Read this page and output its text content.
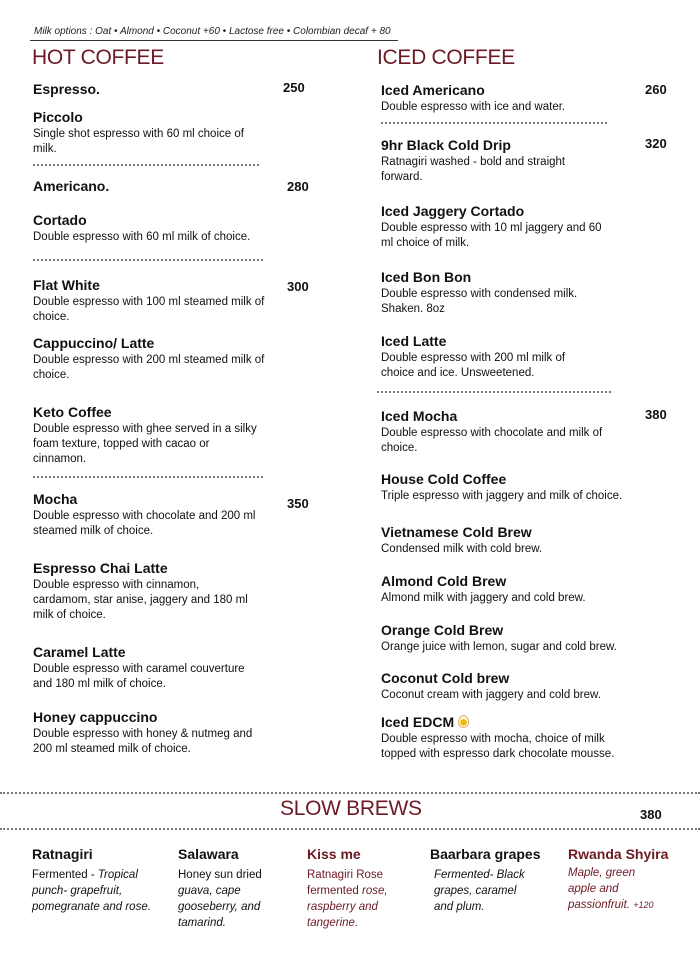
Milk options : Oat • Almond • Coconut +60 • Lactose free • Colombian decaf + 80
HOT COFFEE
Espresso.	250
Piccolo
Single shot espresso with 60 ml choice of milk.
Americano.	280
Cortado
Double espresso with 60 ml milk of choice.
Flat White
Double espresso with 100 ml steamed milk of choice.
300
Cappuccino/ Latte
Double espresso with 200 ml steamed milk of choice.
Keto Coffee
Double espresso with ghee served in a silky foam texture, topped with cacao or cinnamon.
Mocha
Double espresso with chocolate and 200 ml steamed milk of choice.
350
Espresso Chai Latte
Double espresso with cinnamon, cardamom, star anise, jaggery and 180 ml milk of choice.
Caramel Latte
Double espresso with caramel couverture and 180 ml milk of choice.
Honey cappuccino
Double espresso with honey & nutmeg and 200 ml steamed milk of choice.
ICED COFFEE
Iced Americano
Double espresso with ice and water.
260
9hr Black Cold Drip
Ratnagiri washed - bold and straight forward.
320
Iced Jaggery Cortado
Double espresso with 10 ml jaggery and 60 ml choice of milk.
Iced Bon Bon
Double espresso with condensed milk. Shaken. 8oz
Iced Latte
Double espresso with 200 ml milk of choice and ice. Unsweetened.
Iced Mocha
Double espresso with chocolate and milk of choice.
380
House Cold Coffee
Triple espresso with jaggery and milk of choice.
Vietnamese Cold Brew
Condensed milk with cold brew.
Almond Cold Brew
Almond milk with jaggery and cold brew.
Orange Cold Brew
Orange juice with lemon, sugar and cold brew.
Coconut Cold brew
Coconut cream with jaggery and cold brew.
Iced EDCM
Double espresso with mocha, choice of milk topped with espresso dark chocolate mousse.
SLOW BREWS	380
Ratnagiri
Fermented - Tropical punch- grapefruit, pomegranate and rose.
Salawara
Honey sun dried guava, cape gooseberry, and tamarind.
Kiss me
Ratnagiri Rose fermented rose, raspberry and tangerine.
Baarbara grapes
Fermented- Black grapes, caramel and plum.
Rwanda Shyira
Maple, green apple and passionfruit. +120
